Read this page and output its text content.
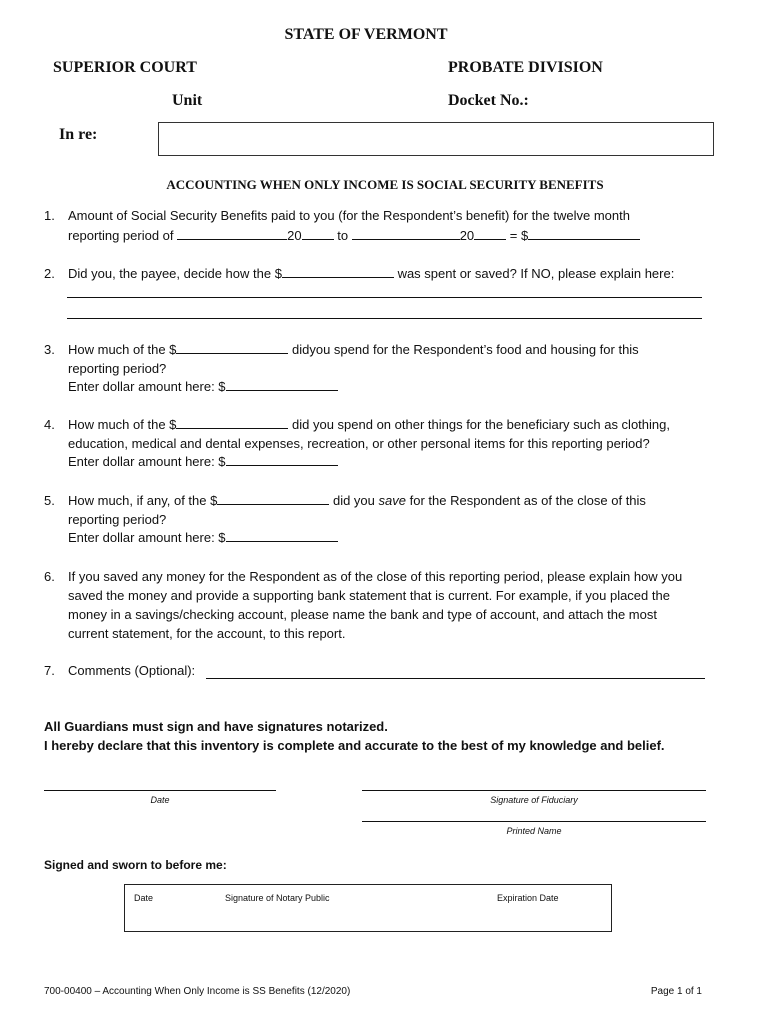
STATE OF VERMONT
SUPERIOR COURT	PROBATE DIVISION
Unit	Docket No.:
In re:
ACCOUNTING WHEN ONLY INCOME IS SOCIAL SECURITY BENEFITS
1. Amount of Social Security Benefits paid to you (for the Respondent’s benefit) for the twelve month
reporting period of	20	to	20	= $
2. Did you, the payee, decide how the $	was spent or saved? If NO, please explain here:
3. How much of the $	didyou spend for the Respondent’s food and housing for this
reporting period?
Enter dollar amount here: $
4. How much of the $	did you spend on other things for the beneficiary such as clothing,
education, medical and dental expenses, recreation, or other personal items for this reporting period?
Enter dollar amount here: $
5. How much, if any, of the $	did you save for the Respondent as of the close of this
reporting period?
Enter dollar amount here: $
6. If you saved any money for the Respondent as of the close of this reporting period, please explain how you
saved the money and provide a supporting bank statement that is current. For example, if you placed the
money in a savings/checking account, please name the bank and type of account, and attach the most
current statement, for the account, to this report.
7. Comments (Optional):
All Guardians must sign and have signatures notarized.
I hereby declare that this inventory is complete and accurate to the best of my knowledge and belief.
Date	Signature of Fiduciary
Printed Name
Signed and sworn to before me:
Date	Signature of Notary Public	Expiration Date
700-00400 – Accounting When Only Income is SS Benefits (12/2020)	Page 1 of 1
